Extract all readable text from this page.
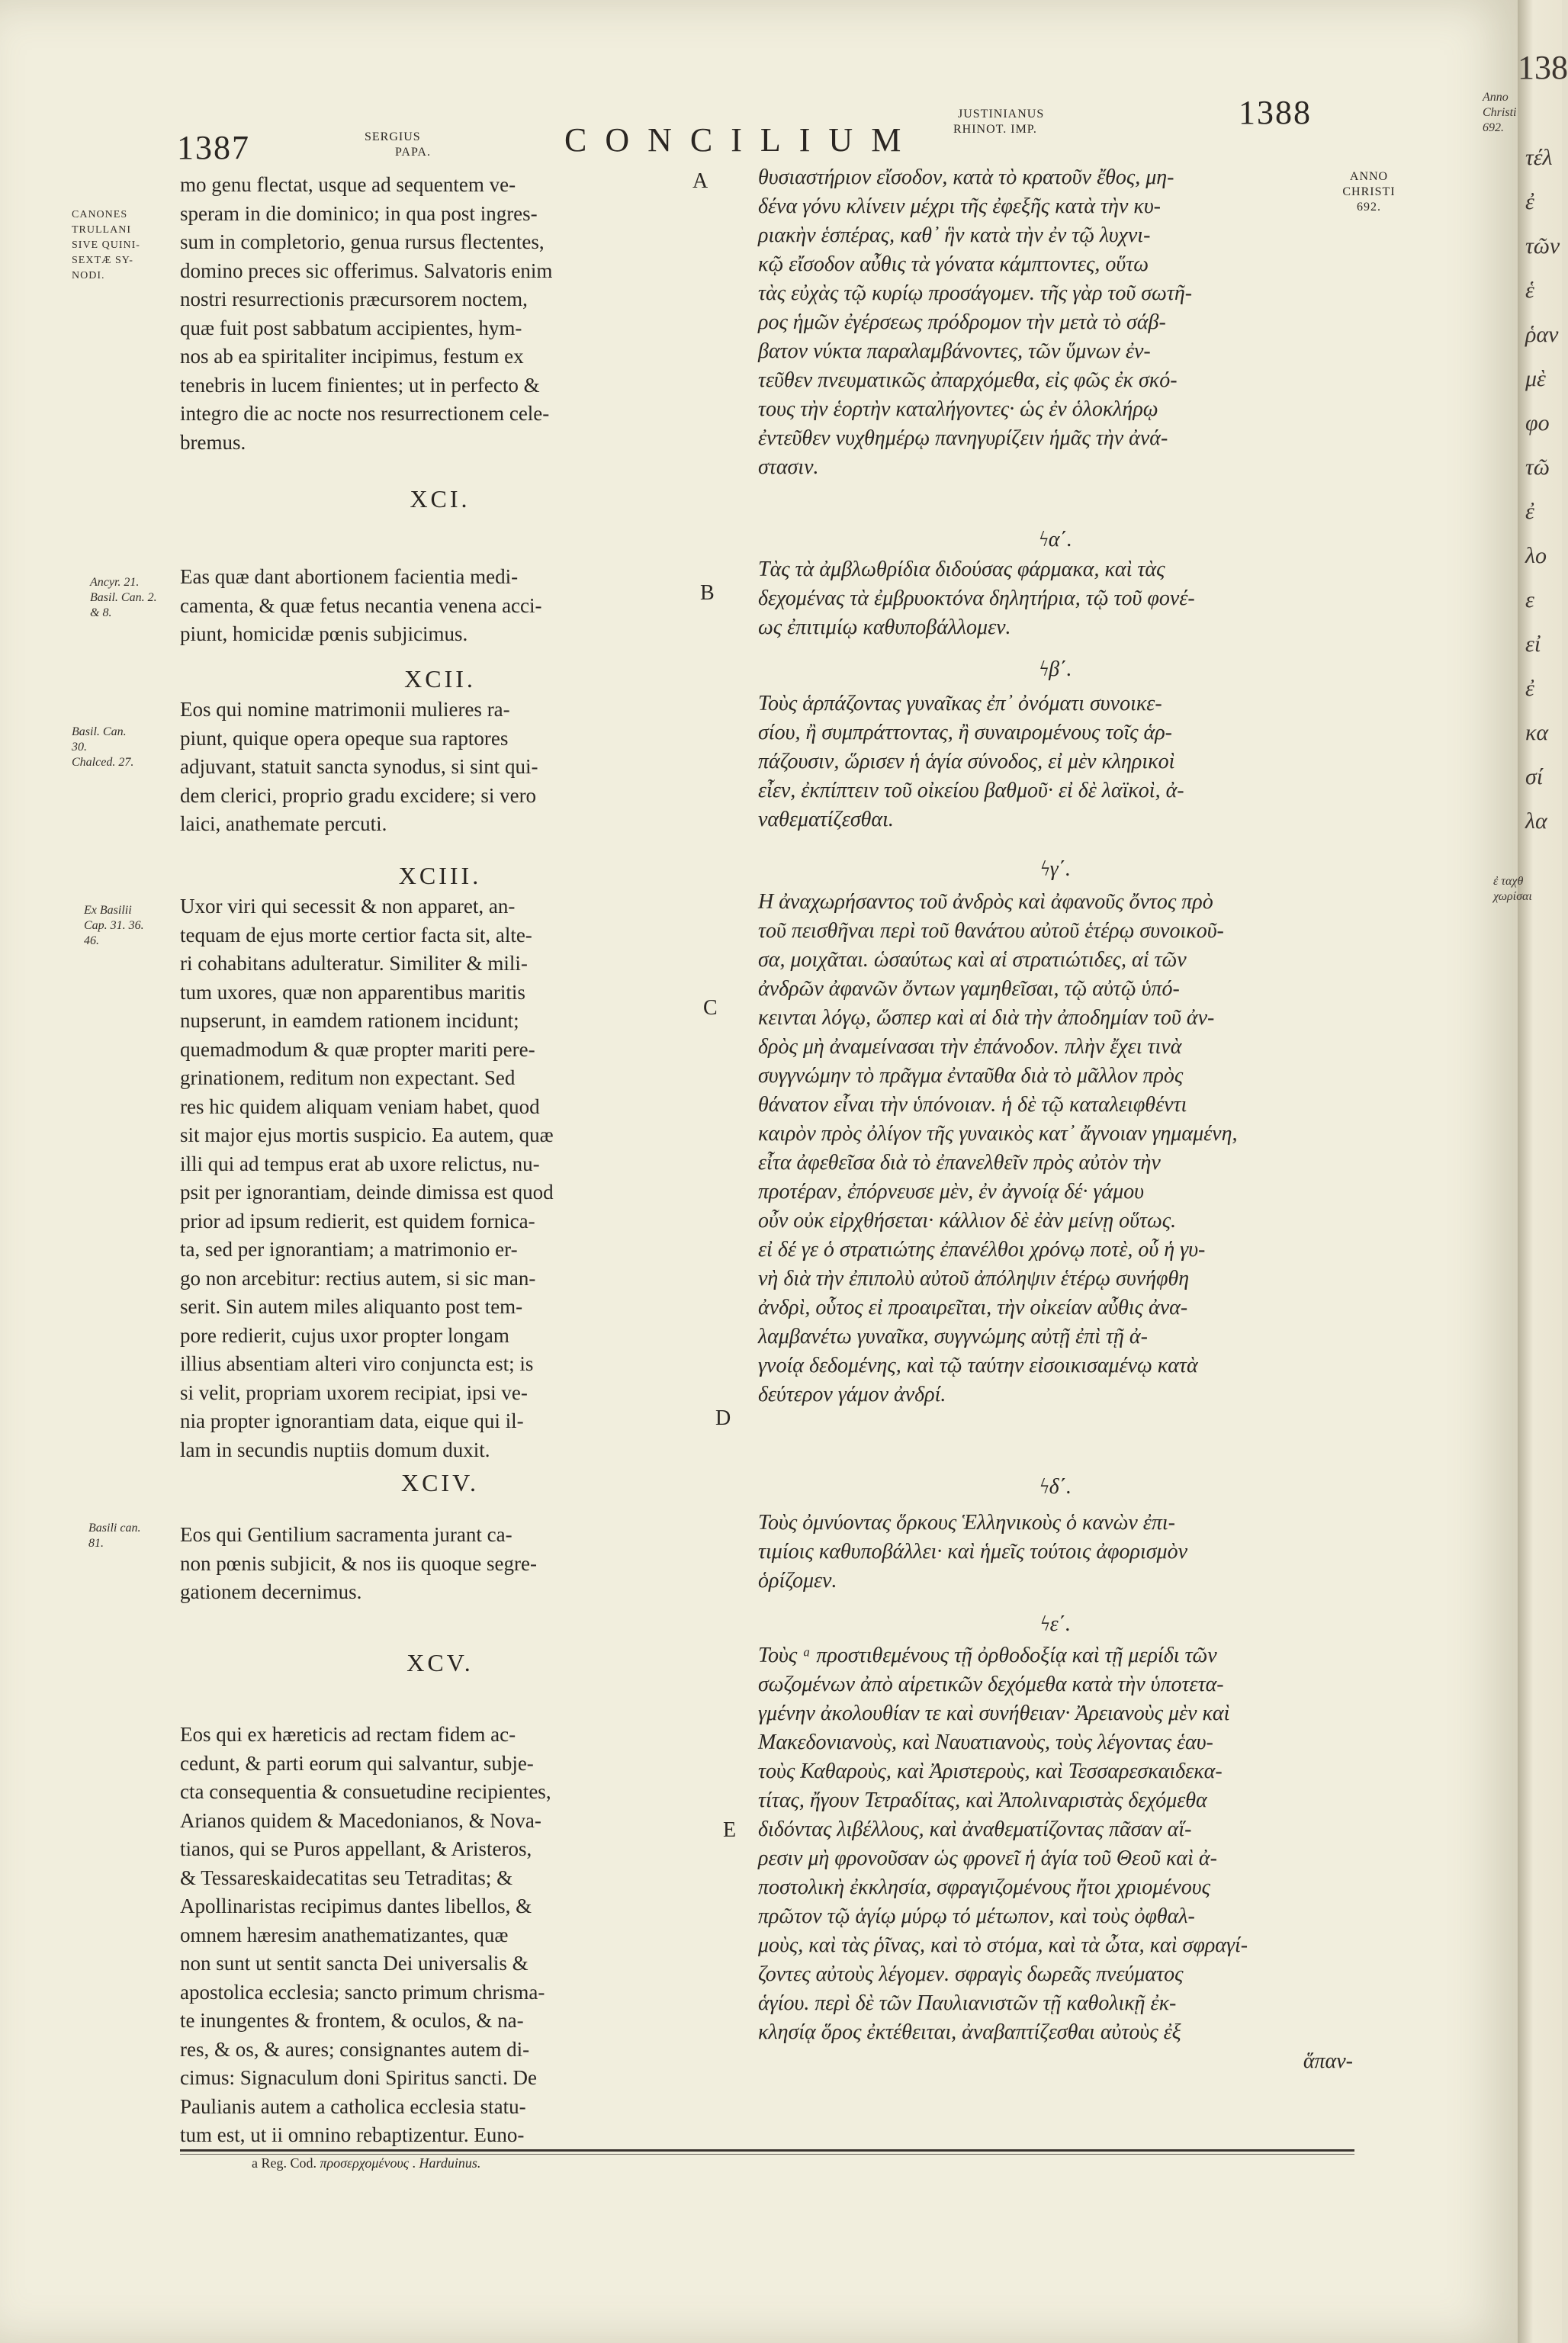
1387	SERGIUS
PAPA.	CONCILIUM
JUSTINIANUS
RHINOT. IMP.	1388
ANNO
CHRISTI
692.
CANONES
TRULLANI
SIVE QUINI-
SEXTÆ SY-
NODI.
Ancyr. 21.
Basil. Can. 2.
& 8.
Basil. Can.
30.
Chalced. 27.
Ex Basilii
Cap. 31. 36.
46.
Basili can.
81.
A
B
C
D
E

mo genu flectat, usque ad sequentem ve-

speram in die dominico; in qua post ingres-

sum in completorio, genua rursus flectentes,

domino preces sic offerimus. Salvatoris enim

nostri resurrectionis præcursorem noctem,

quæ fuit post sabbatum accipientes, hym-

nos ab ea spiritaliter incipimus, festum ex

tenebris in lucem finientes; ut in perfecto &

integro die ac nocte nos resurrectionem cele-

bremus.

XCI.

Eas quæ dant abortionem facientia medi-

camenta, & quæ fetus necantia venena acci-

piunt, homicidæ pœnis subjicimus.

XCII.

Eos qui nomine matrimonii mulieres ra-

piunt, quique opera opeque sua raptores

adjuvant, statuit sancta synodus, si sint qui-

dem clerici, proprio gradu excidere; si vero

laici, anathemate percuti.

XCIII.

Uxor viri qui secessit & non apparet, an-

tequam de ejus morte certior facta sit, alte-

ri cohabitans adulteratur. Similiter & mili-

tum uxores, quæ non apparentibus maritis

nupserunt, in eamdem rationem incidunt;

quemadmodum & quæ propter mariti pere-

grinationem, reditum non expectant. Sed

res hic quidem aliquam veniam habet, quod

sit major ejus mortis suspicio. Ea autem, quæ

illi qui ad tempus erat ab uxore relictus, nu-

psit per ignorantiam, deinde dimissa est quod

prior ad ipsum redierit, est quidem fornica-

ta, sed per ignorantiam; a matrimonio er-

go non arcebitur: rectius autem, si sic man-

serit. Sin autem miles aliquanto post tem-

pore redierit, cujus uxor propter longam

illius absentiam alteri viro conjuncta est; is

si velit, propriam uxorem recipiat, ipsi ve-

nia propter ignorantiam data, eique qui il-

lam in secundis nuptiis domum duxit.

XCIV.

Eos qui Gentilium sacramenta jurant ca-

non pœnis subjicit, & nos iis quoque segre-

gationem decernimus.

XCV.

Eos qui ex hæreticis ad rectam fidem ac-

cedunt, & parti eorum qui salvantur, subje-

cta consequentia & consuetudine recipientes,

Arianos quidem & Macedonianos, & Nova-

tianos, qui se Puros appellant, & Aristeros,

& Tessareskaidecatitas seu Tetraditas; &

Apollinaristas recipimus dantes libellos, &

omnem hæresim anathematizantes, quæ

non sunt ut sentit sancta Dei universalis &

apostolica ecclesia; sancto primum chrisma-

te inungentes & frontem, & oculos, & na-

res, & os, & aures; consignantes autem di-

cimus: Signaculum doni Spiritus sancti. De

Paulianis autem a catholica ecclesia statu-

tum est, ut ii omnino rebaptizentur. Euno-

θυσιαστήριον εἴσοδον, κατὰ τὸ κρατοῦν ἔθος, μη-

δένα γόνυ κλίνειν μέχρι τῆς ἐφεξῆς κατὰ τὴν κυ-

ριακὴν ἑσπέρας, καθ᾽ ἣν κατὰ τὴν ἐν τῷ λυχνι-

κῷ εἴσοδον αὖθις τὰ γόνατα κάμπτοντες, οὕτω

τὰς εὐχὰς τῷ κυρίῳ προσάγομεν. τῆς γὰρ τοῦ σωτῆ-

ρος ἡμῶν ἐγέρσεως πρόδρομον τὴν μετὰ τὸ σάβ-

βατον νύκτα παραλαμβάνοντες, τῶν ὕμνων ἐν-

τεῦθεν πνευματικῶς ἀπαρχόμεθα, εἰς φῶς ἐκ σκό-

τους τὴν ἑορτὴν καταλήγοντες· ὡς ἐν ὁλοκλήρῳ

ἐντεῦθεν νυχθημέρῳ πανηγυρίζειν ἡμᾶς τὴν ἀνά-

στασιν.

ϟα΄.

Τὰς τὰ ἀμβλωθρίδια διδούσας φάρμακα, καὶ τὰς

δεχομένας τὰ ἐμβρυοκτόνα δηλητήρια, τῷ τοῦ φονέ-

ως ἐπιτιμίῳ καθυποβάλλομεν.

ϟβ΄.

Τοὺς ἁρπάζοντας γυναῖκας ἐπ᾽ ὀνόματι συνοικε-

σίου, ἢ συμπράττοντας, ἢ συναιρομένους τοῖς ἁρ-

πάζουσιν, ὥρισεν ἡ ἁγία σύνοδος, εἰ μὲν κληρικοὶ

εἶεν, ἐκπίπτειν τοῦ οἰκείου βαθμοῦ· εἰ δὲ λαϊκοὶ, ἀ-

ναθεματίζεσθαι.

ϟγ΄.

Η ἀναχωρήσαντος τοῦ ἀνδρὸς καὶ ἀφανοῦς ὄντος πρὸ

τοῦ πεισθῆναι περὶ τοῦ θανάτου αὐτοῦ ἑτέρῳ συνοικοῦ-

σα, μοιχᾶται. ὡσαύτως καὶ αἱ στρατιώτιδες, αἱ τῶν

ἀνδρῶν ἀφανῶν ὄντων γαμηθεῖσαι, τῷ αὐτῷ ὑπό-

κεινται λόγῳ, ὥσπερ καὶ αἱ διὰ τὴν ἀποδημίαν τοῦ ἀν-

δρὸς μὴ ἀναμείνασαι τὴν ἐπάνοδον. πλὴν ἔχει τινὰ

συγγνώμην τὸ πρᾶγμα ἐνταῦθα διὰ τὸ μᾶλλον πρὸς

θάνατον εἶναι τὴν ὑπόνοιαν. ἡ δὲ τῷ καταλειφθέντι

καιρὸν πρὸς ὀλίγον τῆς γυναικὸς κατ᾽ ἄγνοιαν γημαμένη,

εἶτα ἀφεθεῖσα διὰ τὸ ἐπανελθεῖν πρὸς αὐτὸν τὴν

προτέραν, ἐπόρνευσε μὲν, ἐν ἀγνοίᾳ δέ· γάμου

οὖν οὐκ εἰρχθήσεται· κάλλιον δὲ ἐὰν μείνῃ οὕτως.

εἰ δέ γε ὁ στρατιώτης ἐπανέλθοι χρόνῳ ποτὲ, οὗ ἡ γυ-

νὴ διὰ τὴν ἐπιπολὺ αὐτοῦ ἀπόληψιν ἑτέρῳ συνήφθη

ἀνδρὶ, οὗτος εἰ προαιρεῖται, τὴν οἰκείαν αὖθις ἀνα-

λαμβανέτω γυναῖκα, συγγνώμης αὐτῇ ἐπὶ τῇ ἀ-

γνοίᾳ δεδομένης, καὶ τῷ ταύτην εἰσοικισαμένῳ κατὰ

δεύτερον γάμον ἀνδρί.

ϟδ΄.

Τοὺς ὀμνύοντας ὅρκους Ἑλληνικοὺς ὁ κανὼν ἐπι-

τιμίοις καθυποβάλλει· καὶ ἡμεῖς τούτοις ἀφορισμὸν

ὁρίζομεν.

ϟε΄.

Τοὺς ᵃ προστιθεμένους τῇ ὀρθοδοξίᾳ καὶ τῇ μερίδι τῶν

σωζομένων ἀπὸ αἱρετικῶν δεχόμεθα κατὰ τὴν ὑποτετα-

γμένην ἀκολουθίαν τε καὶ συνήθειαν· Ἀρειανοὺς μὲν καὶ

Μακεδονιανοὺς, καὶ Ναυατιανοὺς, τοὺς λέγοντας ἑαυ-

τοὺς Καθαροὺς, καὶ Ἀριστεροὺς, καὶ Τεσσαρεσκαιδεκα-

τίτας, ἤγουν Τετραδίτας, καὶ Ἀπολιναριστὰς δεχόμεθα

διδόντας λιβέλλους, καὶ ἀναθεματίζοντας πᾶσαν αἵ-

ρεσιν μὴ φρονοῦσαν ὡς φρονεῖ ἡ ἁγία τοῦ Θεοῦ καὶ ἀ-

ποστολικὴ ἐκκλησία, σφραγιζομένους ἤτοι χριομένους

πρῶτον τῷ ἁγίῳ μύρῳ τό μέτωπον, καὶ τοὺς ὀφθαλ-

μοὺς, καὶ τὰς ῥῖνας, καὶ τὸ στόμα, καὶ τὰ ὦτα, καὶ σφραγί-

ζοντες αὐτοὺς λέγομεν. σφραγὶς δωρεᾶς πνεύματος

ἁγίου. περὶ δὲ τῶν Παυλιανιστῶν τῇ καθολικῇ ἐκ-

κλησίᾳ ὅρος ἐκτέθειται, ἀναβαπτίζεσθαι αὐτοὺς ἐξ

ἅπαν-

a Reg. Cod. προσερχομένους . Harduinus.
138
Anno
Christi
692.
τέλ
ἐ
τῶν
ἑ
ῥαν
μὲ
φο
τῶ
ἐ
λο
ε
εἰ
ἐ
κα
σί
λα
ἐ ταχθ
χωρίσαι
